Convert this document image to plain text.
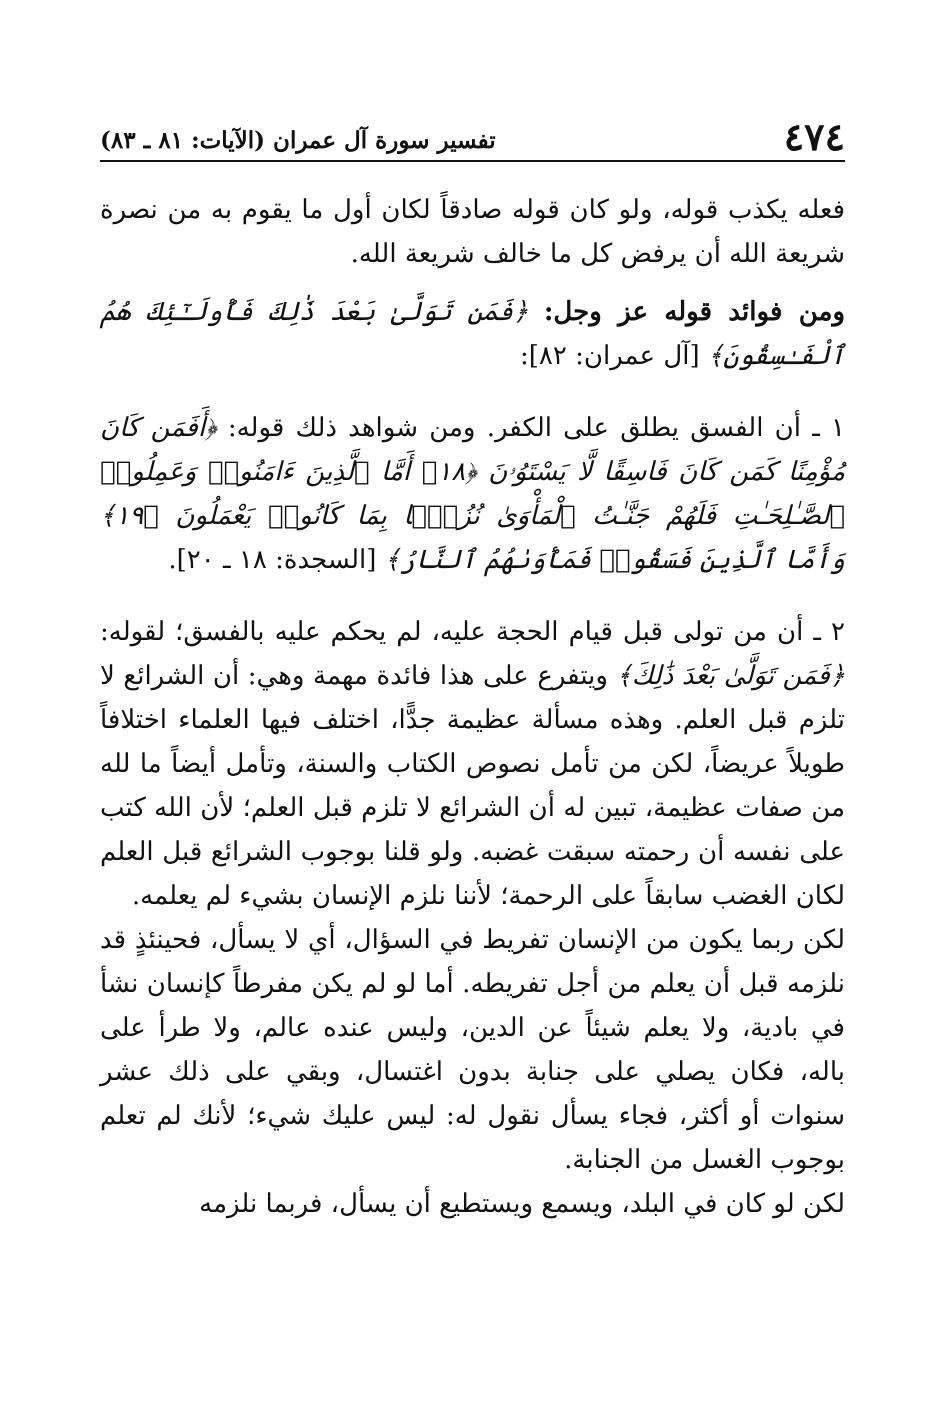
٤٧٤
تفسير سورة آل عمران (الآيات: ٨١ ـ ٨٣)

فعله يكذب قوله، ولو كان قوله صادقاً لكان أول ما يقوم به من نصرة شريعة الله أن يرفض كل ما خالف شريعة الله.

ومن فوائد قوله عز وجل: ﴿فَمَن تَوَلَّىٰ بَعْدَ ذَٰلِكَ فَأُولَـٰٓئِكَ هُمُ ٱلْفَـٰسِقُونَ﴾ [آل عمران: ٨٢]:

١ ـ أن الفسق يطلق على الكفر. ومن شواهد ذلك قوله: ﴿أَفَمَن كَانَ مُؤْمِنًا كَمَن كَانَ فَاسِقًا لَّا يَسْتَوُۥنَ ﴿١٨﴾ أَمَّا ٱلَّذِينَ ءَامَنُوا۟ وَعَمِلُوا۟ ٱلصَّـٰلِحَـٰتِ فَلَهُمْ جَنَّـٰتُ ٱلْمَأْوَىٰ نُزُلًۢا بِمَا كَانُوا۟ يَعْمَلُونَ ﴿١٩﴾ وَأَمَّا ٱلَّذِينَ فَسَقُوا۟ فَمَأْوَىٰهُمُ ٱلنَّارُ﴾ [السجدة: ١٨ ـ ٢٠].

٢ ـ أن من تولى قبل قيام الحجة عليه، لم يحكم عليه بالفسق؛ لقوله: ﴿فَمَن تَوَلَّىٰ بَعْدَ ذَٰلِكَ﴾ ويتفرع على هذا فائدة مهمة وهي: أن الشرائع لا تلزم قبل العلم. وهذه مسألة عظيمة جدًّا، اختلف فيها العلماء اختلافاً طويلاً عريضاً، لكن من تأمل نصوص الكتاب والسنة، وتأمل أيضاً ما لله من صفات عظيمة، تبين له أن الشرائع لا تلزم قبل العلم؛ لأن الله كتب على نفسه أن رحمته سبقت غضبه. ولو قلنا بوجوب الشرائع قبل العلم لكان الغضب سابقاً على الرحمة؛ لأننا نلزم الإنسان بشيء لم يعلمه.

لكن ربما يكون من الإنسان تفريط في السؤال، أي لا يسأل، فحينئذٍ قد نلزمه قبل أن يعلم من أجل تفريطه. أما لو لم يكن مفرطاً كإنسان نشأ في بادية، ولا يعلم شيئاً عن الدين، وليس عنده عالم، ولا طرأ على باله، فكان يصلي على جنابة بدون اغتسال، وبقي على ذلك عشر سنوات أو أكثر، فجاء يسأل نقول له: ليس عليك شيء؛ لأنك لم تعلم بوجوب الغسل من الجنابة.

لكن لو كان في البلد، ويسمع ويستطيع أن يسأل، فربما نلزمه
